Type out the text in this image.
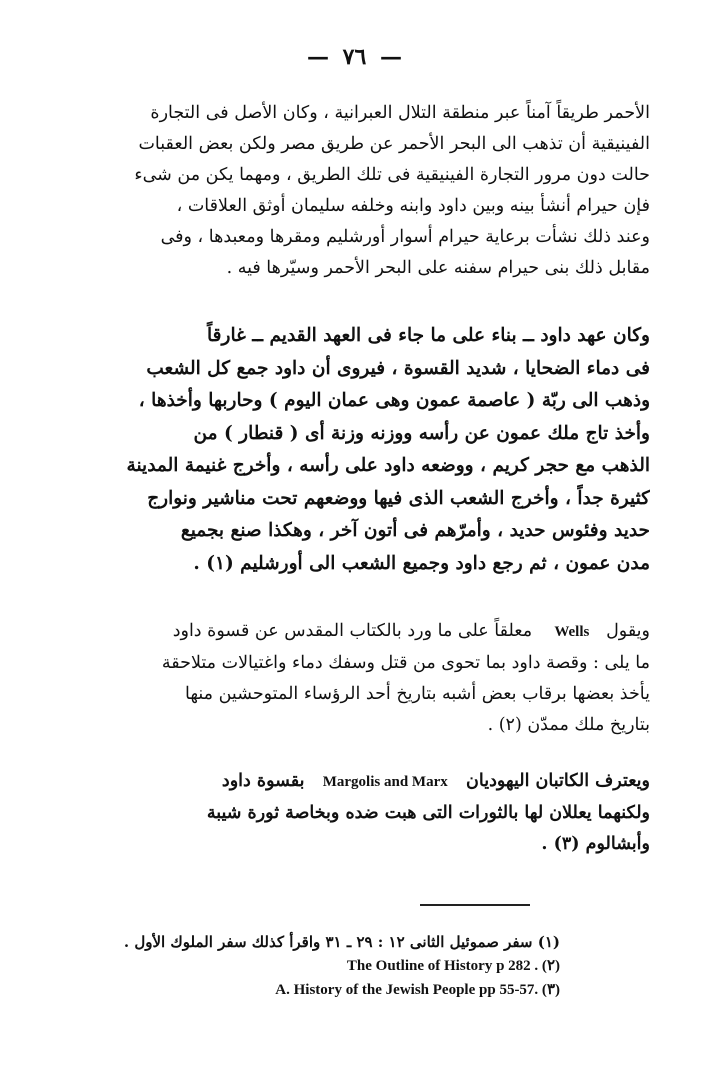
— ٧٦ —
الأحمر طريقاً آمناً عبر منطقة التلال العبرانية ، وكان الأصل فى التجارة
الفينيقية أن تذهب الى البحر الأحمر عن طريق مصر ولكن بعض العقبات
حالت دون مرور التجارة الفينيقية فى تلك الطريق ، ومهما يكن من شىء
فإن حيرام أنشأ بينه وبين داود وابنه وخلفه سليمان أوثق العلاقات ،
وعند ذلك نشأت برعاية حيرام أسوار أورشليم ومقرها ومعبدها ، وفى
مقابل ذلك بنى حيرام سفنه على البحر الأحمر وسيّرها فيه .
وكان عهد داود ــ بناء على ما جاء فى العهد القديم ــ غارقاً
فى دماء الضحايا ، شديد القسوة ، فيروى أن داود جمع كل الشعب
وذهب الى ربّة ( عاصمة عمون وهى عمان اليوم ) وحاربها وأخذها ،
وأخذ تاج ملك عمون عن رأسه ووزنه وزنة أى ( قنطار ) من
الذهب مع حجر كريم ، ووضعه داود على رأسه ، وأخرج غنيمة المدينة
كثيرة جداً ، وأخرج الشعب الذى فيها ووضعهم تحت مناشير ونوارج
حديد وفئوس حديد ، وأمرّهم فى أتون آخر ، وهكذا صنع بجميع
مدن عمون ، ثم رجع داود وجميع الشعب الى أورشليم (١) .
ويقول   Wells    معلقاً على ما ورد بالكتاب المقدس عن قسوة داود
ما يلى : وقصة داود بما تحوى من قتل وسفك دماء واغتيالات متلاحقة
يأخذ بعضها برقاب بعض أشبه بتاريخ أحد الرؤساء المتوحشين منها
بتاريخ ملك ممدّن (٢) .
ويعترف الكاتبان اليهوديان   Margolis and Marx   بقسوة داود
ولكنهما يعللان لها بالثورات التى هبت ضده وبخاصة ثورة شيبة
وأبشالوم (٣) .
(١) سفر صموئيل الثانى ١٢ : ٢٩ ـ ٣١ واقرأ كذلك سفر الملوك الأول .
The Outline of History p 282 . (٢)
A. History of the Jewish People pp 55-57. (٣)
